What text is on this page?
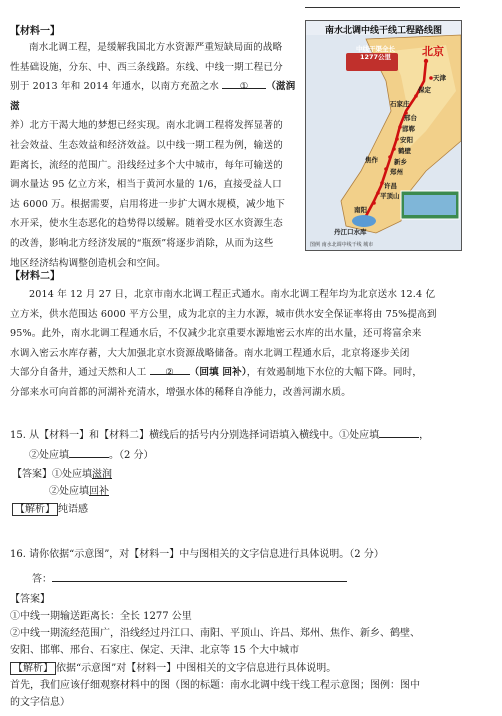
【材料一】

南水北调工程，是缓解我国北方水资源严重短缺局面的战略

性基础设施，分东、中、西三条线路。东线、中线一期工程已分

别于 2013 年和 2014 年通水，以南方充盈之水 ① （滋润 滋

养）北方干渴大地的梦想已经实现。南水北调工程将发挥显著的

社会效益、生态效益和经济效益。以中线一期工程为例，输送的

距离长，流经的范围广。沿线经过多个大中城市，每年可输送的

调水量达 95 亿立方米，相当于黄河水量的 1/6，直接受益人口

达 6000 万。根据需要，启用将进一步扩大调水规模，减少地下

水开采，使水生态恶化的趋势得以缓解。随着受水区水资源生态

的改善，影响北方经济发展的“瓶颈”将逐步消除，从而为这些

地区经济结构调整创造机会和空间。

南水北调中线干线工程路线图
中线干渠全长
1277公里	北京
天津
保定
石家庄
邢台
邯郸
安阳
鹤壁
新乡
焦作
郑州
许昌
平顶山
南阳
丹江口水库
图例 南水北调中线干线 城市
【材料二】

2014 年 12 月 27 日，北京市南水北调工程正式通水。南水北调工程年均为北京送水 12.4 亿

立方米，供水范围达 6000 平方公里，成为北京的主力水源，城市供水安全保证率将由 75%提高到

95%。此外，南水北调工程通水后，不仅减少北京重要水源地密云水库的出水量，还可将富余来

水调入密云水库存蓄，大大加强北京水资源战略储备。南水北调工程通水后，北京将逐步关闭

大部分自备井，通过天然和人工 ② （回填 回补），有效遏制地下水位的大幅下降。同时，

分部来水可向首都的河湖补充清水，增强水体的稀释自净能力，改善河湖水质。

15. 从【材料一】和【材料二】横线后的括号内分别选择词语填入横线中。①处应填	，
②处应填	。（2 分）
【答案】①处应填滋润
②处应填回补
【解析】 纯语感
16. 请你依据“示意图”，对【材料一】中与图相关的文字信息进行具体说明。（2 分）
答：
【答案】
①中线一期输送距离长：全长 1277 公里
②中线一期流经范围广，沿线经过丹江口、南阳、平顶山、许昌、郑州、焦作、新乡、鹤壁、
安阳、邯郸、邢台、石家庄、保定、天津、北京等 15 个大中城市
【解析】 依据“示意图”对【材料一】中图相关的文字信息进行具体说明。
首先，我们应该仔细观察材料中的图（图的标题：南水北调中线干线工程示意图；图例：图中
的文字信息）
